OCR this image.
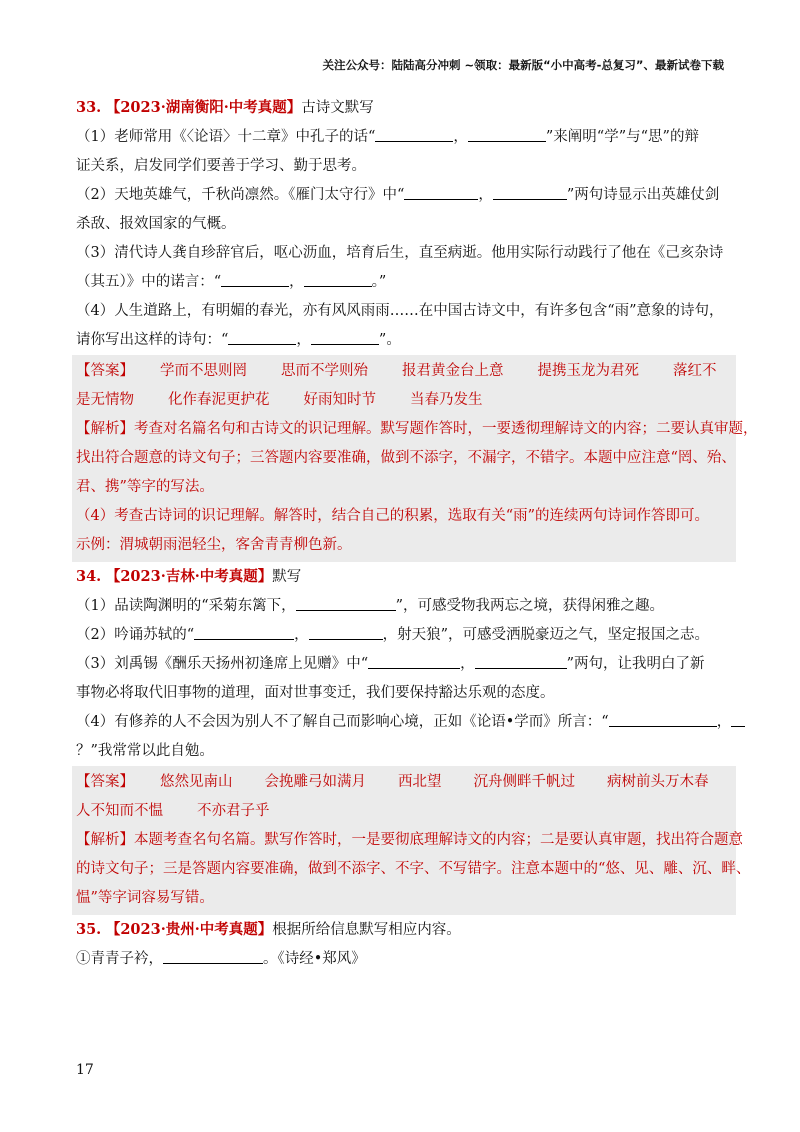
关注公众号：陆陆高分冲刺 ~领取：最新版“小中高考-总复习”、最新试卷下载
33. 【2023·湖南衡阳·中考真题】古诗文默写
（1）老师常用《〈论语〉十二章》中孔子的话“	，	”来阐明“学”与“思”的辩
证关系，启发同学们要善于学习、勤于思考。
（2）天地英雄气，千秋尚凛然。《雁门太守行》中“	，	”两句诗显示出英雄仗剑
杀敌、报效国家的气概。
（3）清代诗人龚自珍辞官后，呕心沥血，培育后生，直至病逝。他用实际行动践行了他在《己亥杂诗
（其五）》中的诺言：“	，	。”
（4）人生道路上，有明媚的春光，亦有风风雨雨……在中国古诗文中，有许多包含“雨”意象的诗句，
请你写出这样的诗句：“	，	”。
【答案】 学而不思则罔 思而不学则殆 报君黄金台上意 提携玉龙为君死 落红不
是无情物 化作春泥更护花 好雨知时节 当春乃发生
【解析】考查对名篇名句和古诗文的识记理解。默写题作答时，一要透彻理解诗文的内容；二要认真审题，
找出符合题意的诗文句子；三答题内容要准确，做到不添字，不漏字，不错字。本题中应注意“罔、殆、
君、携”等字的写法。
（4）考查古诗词的识记理解。解答时，结合自己的积累，选取有关“雨”的连续两句诗词作答即可。
示例：渭城朝雨浥轻尘，客舍青青柳色新。
34. 【2023·吉林·中考真题】默写
（1）品读陶渊明的“采菊东篱下，	”，可感受物我两忘之境，获得闲雅之趣。
（2）吟诵苏轼的“	，	，射天狼”，可感受洒脱豪迈之气，坚定报国之志。
（3）刘禹锡《酬乐天扬州初逢席上见赠》中“	，	”两句，让我明白了新
事物必将取代旧事物的道理，面对世事变迁，我们要保持豁达乐观的态度。
（4）有修养的人不会因为别人不了解自己而影响心境，正如《论语•学而》所言：“	，
？”我常常以此自勉。
【答案】 悠然见南山 会挽雕弓如满月 西北望 沉舟侧畔千帆过 病树前头万木春
人不知而不愠 不亦君子乎
【解析】本题考查名句名篇。默写作答时，一是要彻底理解诗文的内容；二是要认真审题，找出符合题意
的诗文句子；三是答题内容要准确，做到不添字、不字、不写错字。注意本题中的“悠、见、雕、沉、畔、
愠”等字词容易写错。
35. 【2023·贵州·中考真题】根据所给信息默写相应内容。
①青青子衿，	。《诗经•郑风》
17
